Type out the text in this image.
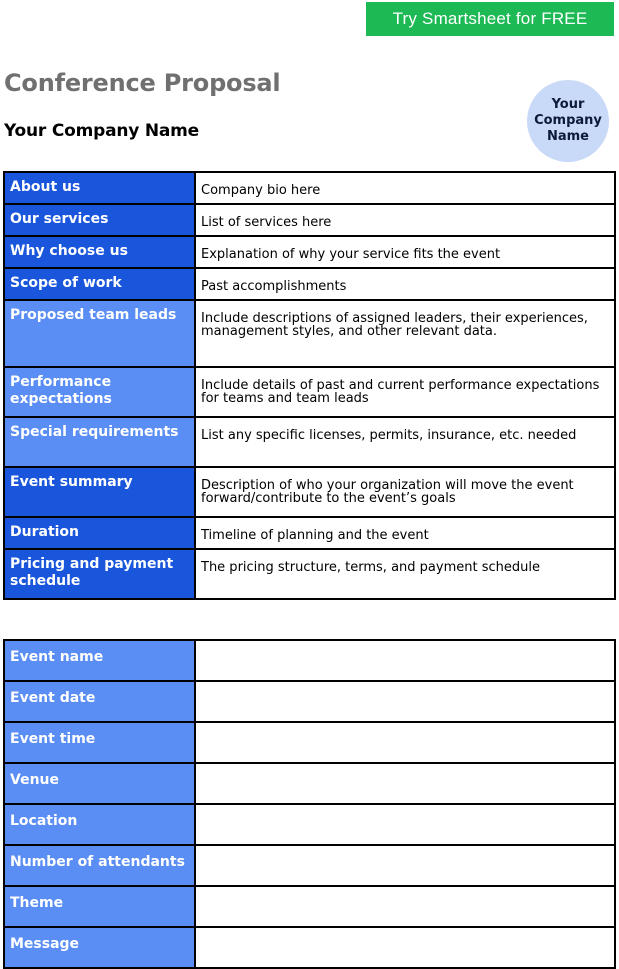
Try Smartsheet for FREE
Conference Proposal
Your Company Name
Your
Company
Name
About us	Company bio here
Our services	List of services here
Why choose us	Explanation of why your service fits the event
Scope of work	Past accomplishments
Proposed team leads	Include descriptions of assigned leaders, their experiences, management styles, and other relevant data.
Performance expectations	Include details of past and current performance expectations for teams and team leads
Special requirements	List any specific licenses, permits, insurance, etc. needed
Event summary	Description of who your organization will move the event forward/contribute to the event’s goals
Duration	Timeline of planning and the event
Pricing and payment schedule	The pricing structure, terms, and payment schedule
Event name	
Event date	
Event time	
Venue	
Location	
Number of attendants	
Theme	
Message	
